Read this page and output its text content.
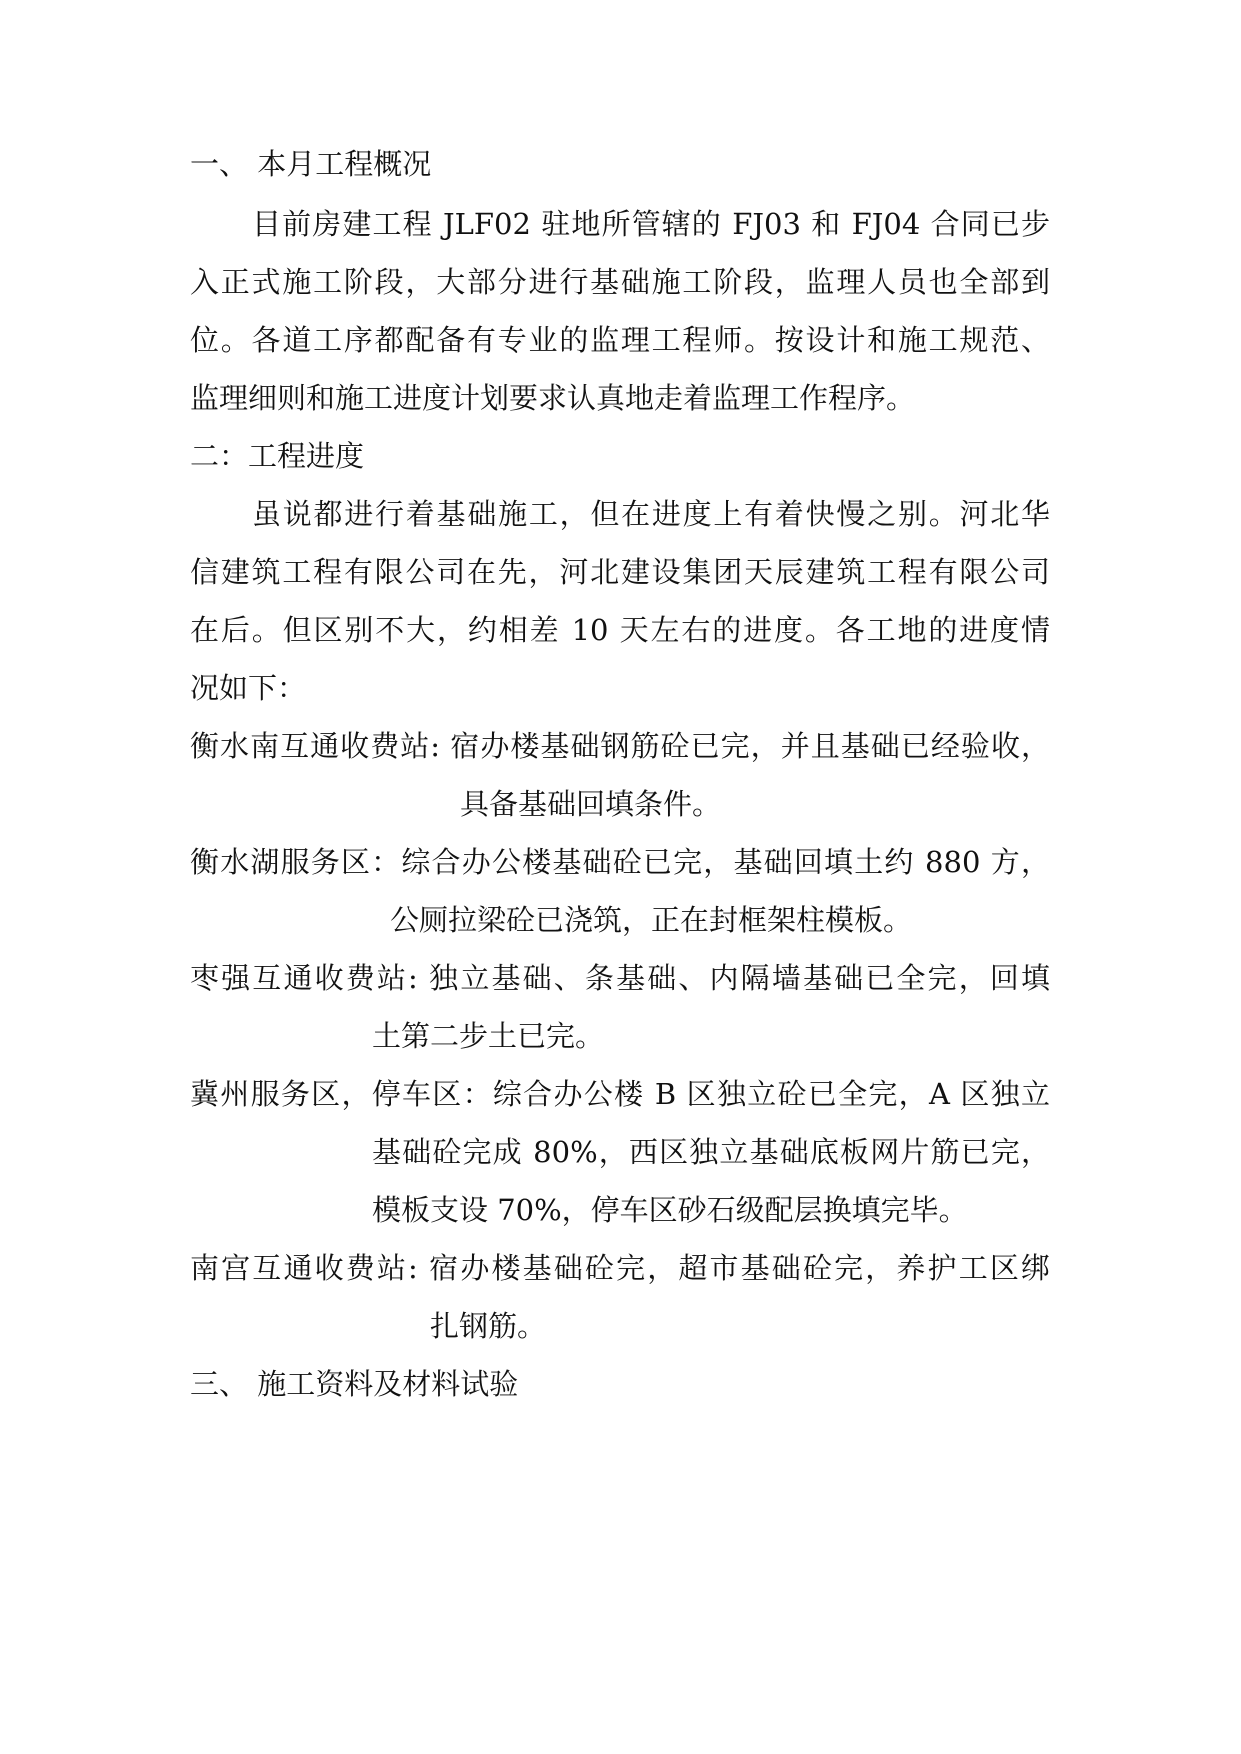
一、 本月工程概况
目前房建工程 JLF02 驻地所管辖的 FJ03 和 FJ04 合同已步
入正式施工阶段，大部分进行基础施工阶段，监理人员也全部到
位。各道工序都配备有专业的监理工程师。按设计和施工规范、
监理细则和施工进度计划要求认真地走着监理工作程序。
二：工程进度
虽说都进行着基础施工，但在进度上有着快慢之别。河北华
信建筑工程有限公司在先，河北建设集团天辰建筑工程有限公司
在后。但区别不大，约相差 10 天左右的进度。各工地的进度情
况如下：
衡水南互通收费站: 宿办楼基础钢筋砼已完，并且基础已经验收，
具备基础回填条件。
衡水湖服务区：综合办公楼基础砼已完，基础回填土约 880 方，
公厕拉梁砼已浇筑，正在封框架柱模板。
枣强互通收费站: 独立基础、条基础、内隔墙基础已全完，回填
土第二步土已完。
冀州服务区，停车区：综合办公楼 B 区独立砼已全完，A 区独立
基础砼完成 80%，西区独立基础底板网片筋已完，
模板支设 70%，停车区砂石级配层换填完毕。
南宫互通收费站: 宿办楼基础砼完，超市基础砼完，养护工区绑
扎钢筋。
三、 施工资料及材料试验
